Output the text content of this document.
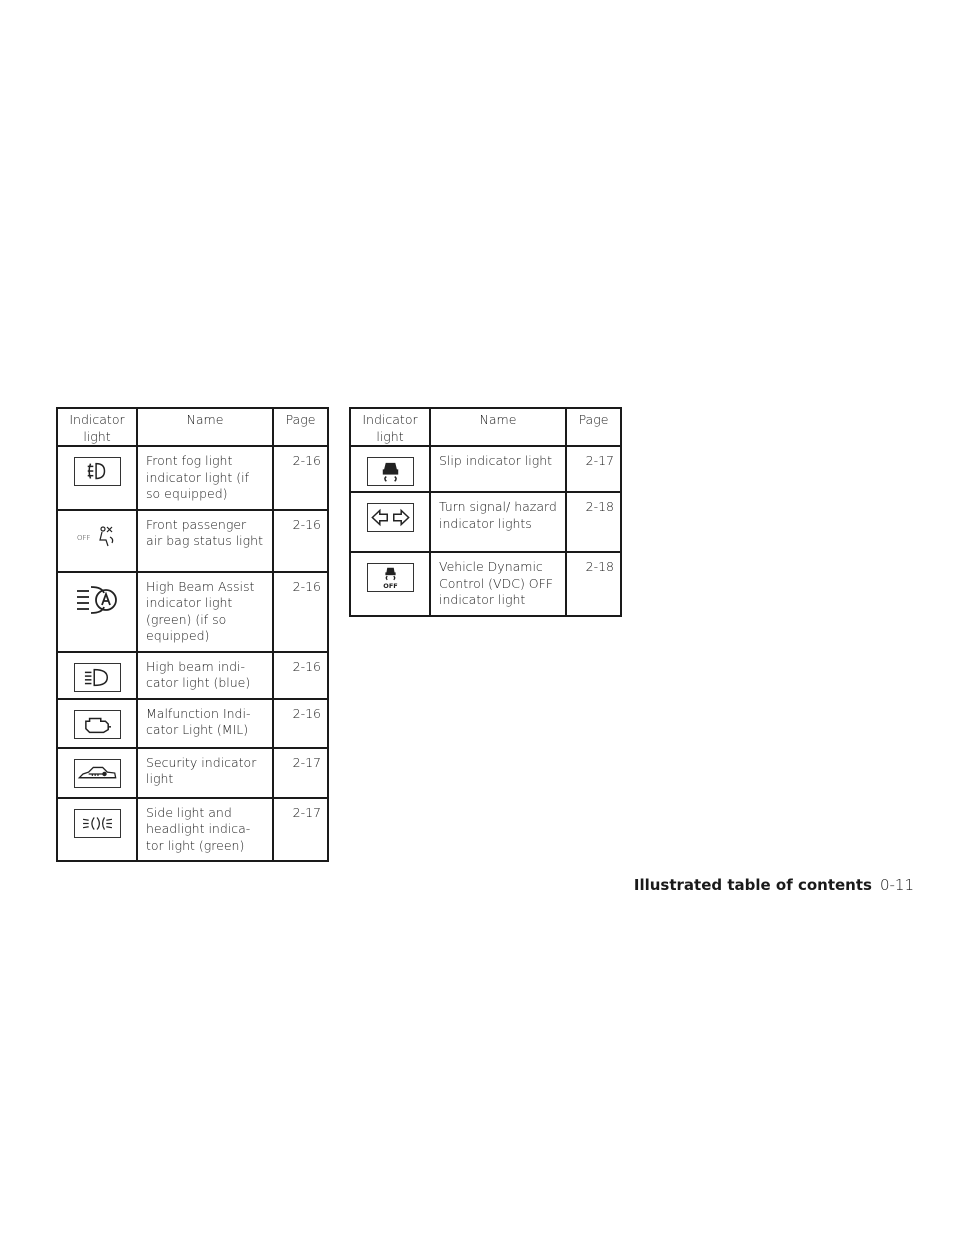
Indicator light	Name	Page

	Front fog light indicator light (if so equipped)	2-16

OFF	Front passenger air bag status light	2-16

	High Beam Assist indicator light (green) (if so equipped)	2-16

	High beam indi- cator light (blue)	2-16

	Malfunction Indi- cator Light (MIL)	2-16

	Security indicator light	2-17

	Side light and headlight indica- tor light (green)	2-17
Indicator light	Name	Page

	Slip indicator light	2-17

	Turn signal/ hazard indicator lights	2-18

OFF	Vehicle Dynamic Control (VDC) OFF indicator light	2-18
Illustrated table of contents 0-11
